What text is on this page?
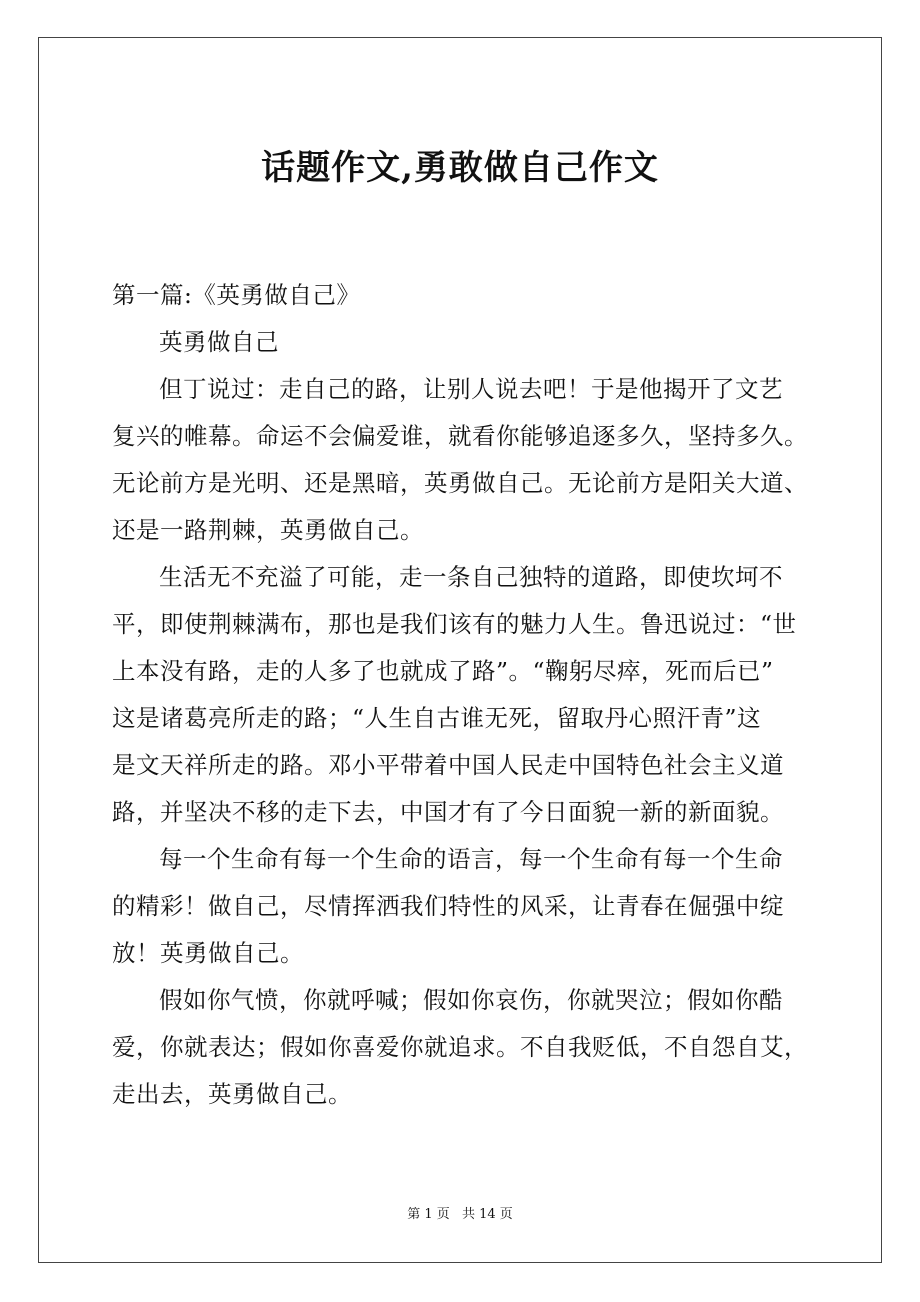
话题作文,勇敢做自己作文

第一篇:《英勇做自己》

英勇做自己

但丁说过：走自己的路，让别人说去吧！于是他揭开了文艺
复兴的帷幕。命运不会偏爱谁，就看你能够追逐多久，坚持多久。
无论前方是光明、还是黑暗，英勇做自己。无论前方是阳关大道、
还是一路荆棘，英勇做自己。

生活无不充溢了可能，走一条自己独特的道路，即使坎坷不
平，即使荆棘满布，那也是我们该有的魅力人生。鲁迅说过：“世
上本没有路，走的人多了也就成了路”。“鞠躬尽瘁，死而后已”
这是诸葛亮所走的路；“人生自古谁无死，留取丹心照汗青”这
是文天祥所走的路。邓小平带着中国人民走中国特色社会主义道
路，并坚决不移的走下去，中国才有了今日面貌一新的新面貌。

每一个生命有每一个生命的语言，每一个生命有每一个生命
的精彩！做自己，尽情挥洒我们特性的风采，让青春在倔强中绽
放！英勇做自己。

假如你气愤，你就呼喊；假如你哀伤，你就哭泣；假如你酷
爱，你就表达；假如你喜爱你就追求。不自我贬低，不自怨自艾，
走出去，英勇做自己。

第 1 页 共 14 页
